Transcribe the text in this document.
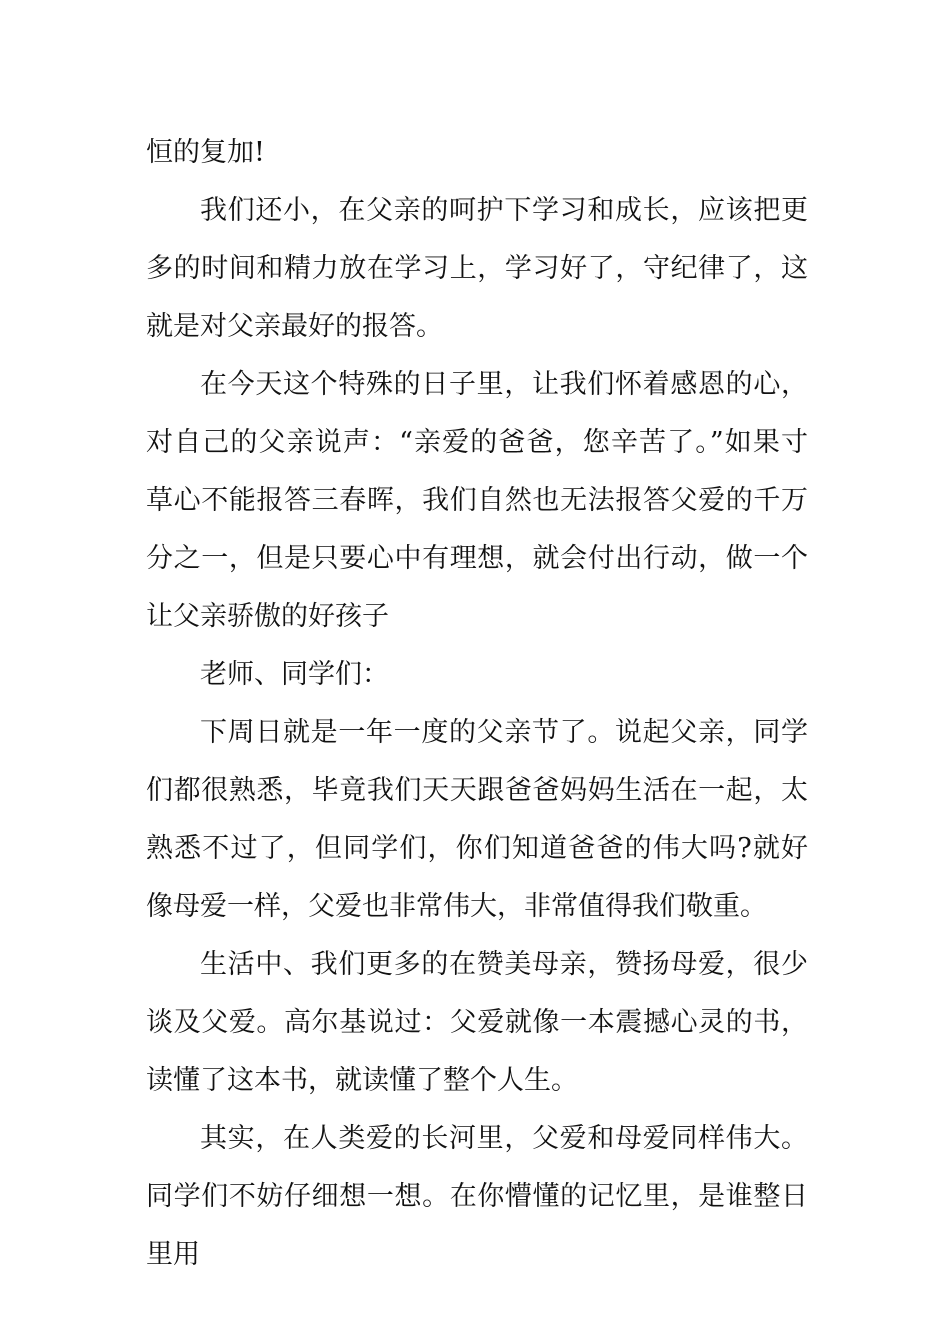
恒的复加!

我们还小，在父亲的呵护下学习和成长，应该把更多的时间和精力放在学习上，学习好了，守纪律了，这就是对父亲最好的报答。

在今天这个特殊的日子里，让我们怀着感恩的心，对自己的父亲说声：“亲爱的爸爸，您辛苦了。”如果寸草心不能报答三春晖，我们自然也无法报答父爱的千万分之一，但是只要心中有理想，就会付出行动，做一个让父亲骄傲的好孩子

老师、同学们：

下周日就是一年一度的父亲节了。说起父亲，同学们都很熟悉，毕竟我们天天跟爸爸妈妈生活在一起，太熟悉不过了，但同学们，你们知道爸爸的伟大吗?就好像母爱一样，父爱也非常伟大，非常值得我们敬重。

生活中、我们更多的在赞美母亲，赞扬母爱，很少谈及父爱。高尔基说过：父爱就像一本震撼心灵的书，读懂了这本书，就读懂了整个人生。

其实，在人类爱的长河里，父爱和母爱同样伟大。同学们不妨仔细想一想。在你懵懂的记忆里，是谁整日里用
